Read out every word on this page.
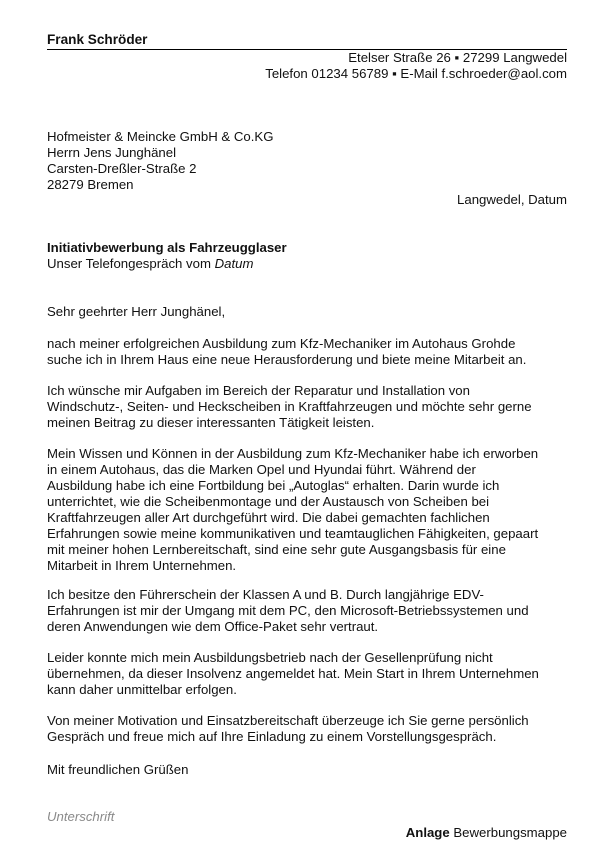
Frank Schröder
Etelser Straße 26 ▪ 27299 Langwedel
Telefon 01234 56789 ▪ E-Mail f.schroeder@aol.com
Hofmeister & Meincke GmbH & Co.KG
Herrn Jens Junghänel
Carsten-Dreßler-Straße 2
28279 Bremen
Langwedel, Datum
Initiativbewerbung als Fahrzeugglaser
Unser Telefongespräch vom Datum
Sehr geehrter Herr Junghänel,
nach meiner erfolgreichen Ausbildung zum Kfz-Mechaniker im Autohaus Grohde
suche ich in Ihrem Haus eine neue Herausforderung und biete meine Mitarbeit an.
Ich wünsche mir Aufgaben im Bereich der Reparatur und Installation von
Windschutz-, Seiten- und Heckscheiben in Kraftfahrzeugen und möchte sehr gerne
meinen Beitrag zu dieser interessanten Tätigkeit leisten.
Mein Wissen und Können in der Ausbildung zum Kfz-Mechaniker habe ich erworben
in einem Autohaus, das die Marken Opel und Hyundai führt. Während der
Ausbildung habe ich eine Fortbildung bei „Autoglas“ erhalten. Darin wurde ich
unterrichtet, wie die Scheibenmontage und der Austausch von Scheiben bei
Kraftfahrzeugen aller Art durchgeführt wird. Die dabei gemachten fachlichen
Erfahrungen sowie meine kommunikativen und teamtauglichen Fähigkeiten, gepaart
mit meiner hohen Lernbereitschaft, sind eine sehr gute Ausgangsbasis für eine
Mitarbeit in Ihrem Unternehmen.
Ich besitze den Führerschein der Klassen A und B. Durch langjährige EDV-
Erfahrungen ist mir der Umgang mit dem PC, den Microsoft-Betriebssystemen und
deren Anwendungen wie dem Office-Paket sehr vertraut.
Leider konnte mich mein Ausbildungsbetrieb nach der Gesellenprüfung nicht
übernehmen, da dieser Insolvenz angemeldet hat. Mein Start in Ihrem Unternehmen
kann daher unmittelbar erfolgen.
Von meiner Motivation und Einsatzbereitschaft überzeuge ich Sie gerne persönlich
Gespräch und freue mich auf Ihre Einladung zu einem Vorstellungsgespräch.
Mit freundlichen Grüßen
Unterschrift
Anlage Bewerbungsmappe
